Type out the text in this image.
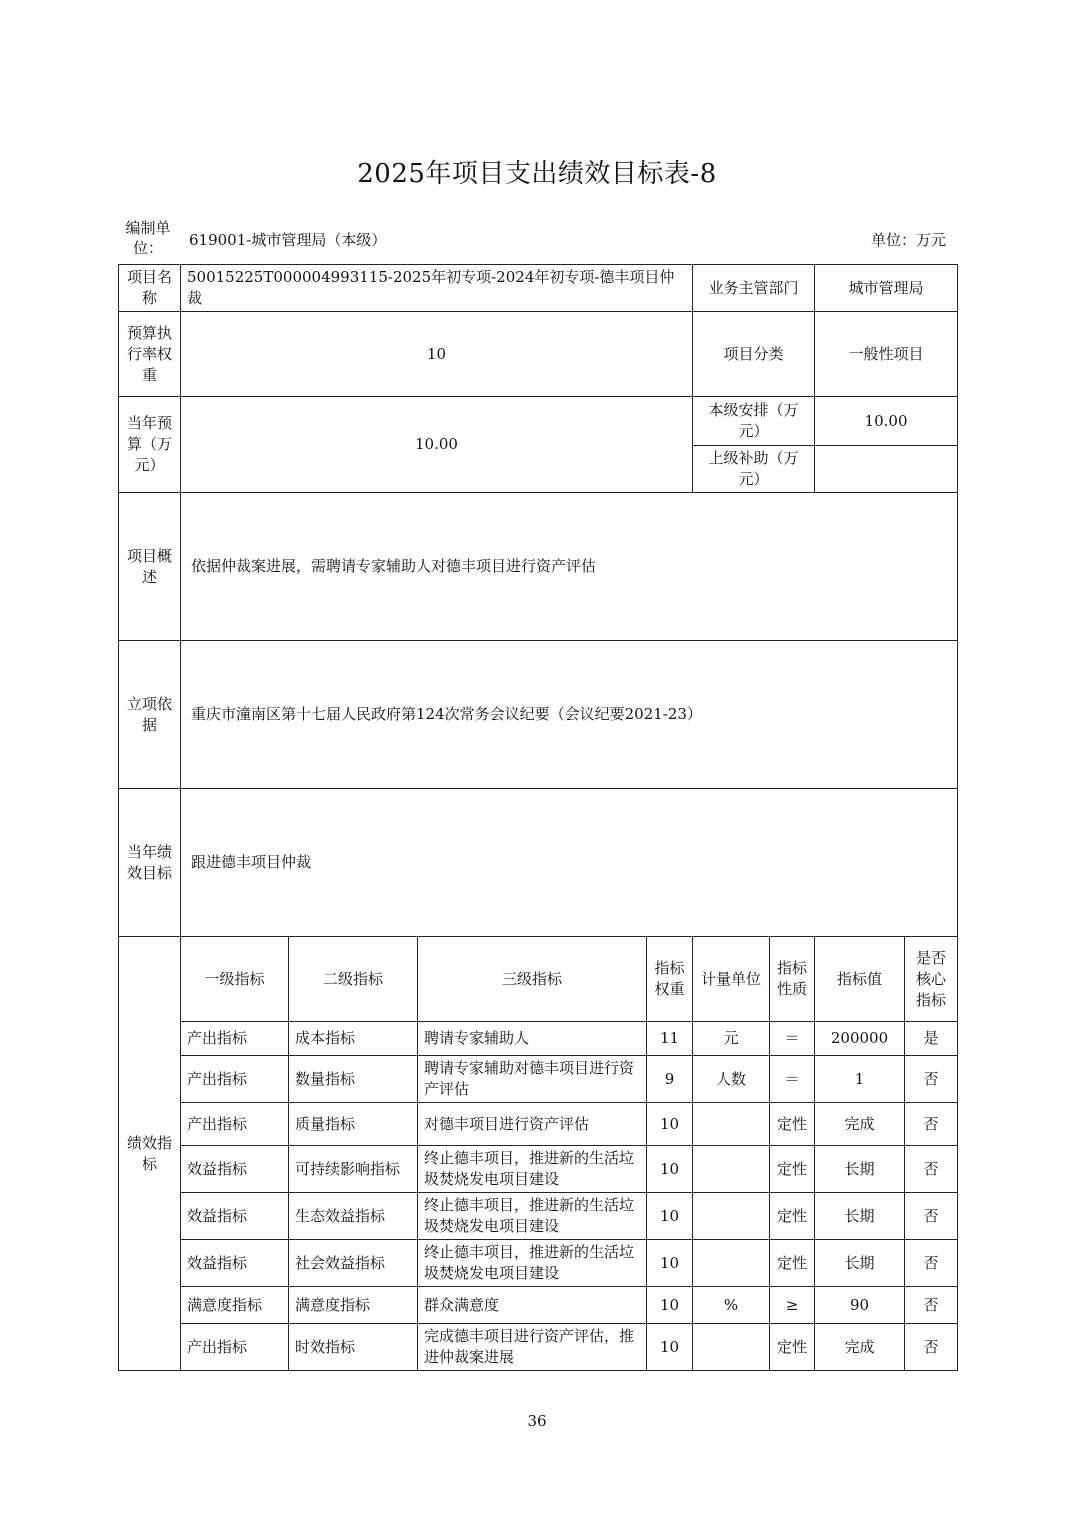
2025年项目支出绩效目标表-8
编制单位：	619001-城市管理局（本级）	单位：万元
项目名称	50015225T000004993115-2025年初专项-2024年初专项-德丰项目仲裁				业务主管部门		城市管理局	
预算执行率权重	10				项目分类		一般性项目	
当年预算（万元）	10.00				本级安排（万元）		10.00	
					上级补助（万元）			
项目概述	依据仲裁案进展，需聘请专家辅助人对德丰项目进行资产评估							
立项依据	重庆市潼南区第十七届人民政府第124次常务会议纪要（会议纪要2021-23）							
当年绩效目标	跟进德丰项目仲裁							
绩效指标	一级指标	二级指标	三级指标	指标权重	计量单位	指标性质	指标值	是否核心指标
	产出指标	成本指标	聘请专家辅助人	11	元	＝	200000	是
	产出指标	数量指标	聘请专家辅助对德丰项目进行资产评估	9	人数	＝	1	否
	产出指标	质量指标	对德丰项目进行资产评估	10		定性	完成	否
	效益指标	可持续影响指标	终止德丰项目，推进新的生活垃圾焚烧发电项目建设	10		定性	长期	否
	效益指标	生态效益指标	终止德丰项目，推进新的生活垃圾焚烧发电项目建设	10		定性	长期	否
	效益指标	社会效益指标	终止德丰项目，推进新的生活垃圾焚烧发电项目建设	10		定性	长期	否
	满意度指标	满意度指标	群众满意度	10	%	≥	90	否
	产出指标	时效指标	完成德丰项目进行资产评估，推进仲裁案进展	10		定性	完成	否
36
